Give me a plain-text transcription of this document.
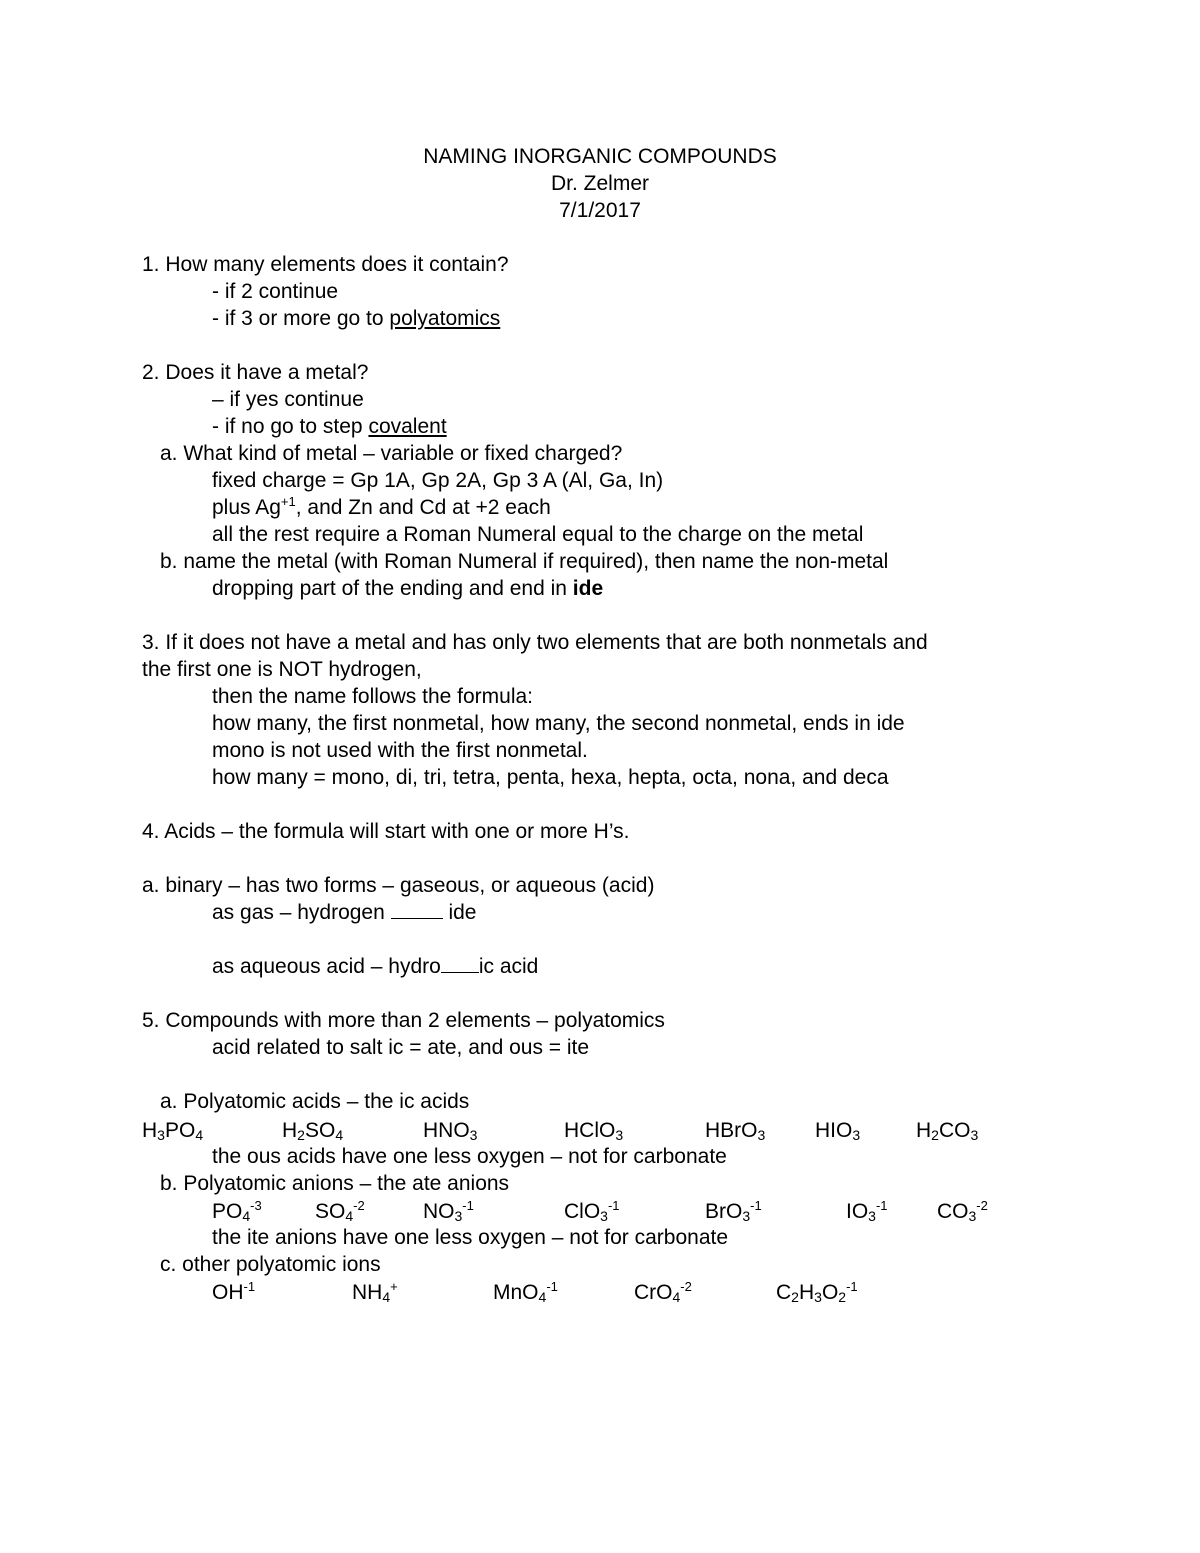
NAMING INORGANIC COMPOUNDS
Dr. Zelmer
7/1/2017
1. How many elements does it contain?
- if 2 continue
- if 3 or more go to polyatomics
2. Does it have a metal?
– if yes continue
- if no go to step covalent
a. What kind of metal – variable or fixed charged?
fixed charge = Gp 1A, Gp 2A, Gp 3 A (Al, Ga, In)
plus $Ag^{+1}$, and Zn and Cd at +2 each
all the rest require a Roman Numeral equal to the charge on the metal
b. name the metal (with Roman Numeral if required), then name the non-metal
dropping part of the ending and end in ide
3. If it does not have a metal and has only two elements that are both nonmetals and
the first one is NOT hydrogen,
then the name follows the formula:
how many, the first nonmetal, how many, the second nonmetal, ends in ide
mono is not used with the first nonmetal.
how many = mono, di, tri, tetra, penta, hexa, hepta, octa, nona, and deca
4. Acids – the formula will start with one or more H’s.
a. binary – has two forms – gaseous, or aqueous (acid)
as gas – hydrogen  ide
as aqueous acid – hydro ic acid
5. Compounds with more than 2 elements – polyatomics
acid related to salt ic = ate, and ous = ite
a. Polyatomic acids – the ic acids
$H_3PO_4$	$H_2SO_4$	$HNO_3$	HClO$_3$	HBrO$_3$ $HIO_3$	$H_2CO_3$
the ous acids have one less oxygen – not for carbonate
b. Polyatomic anions – the ate anions
$PO_4^{-3}$	$SO_4^{-2}$	$NO_3^{-1}$	ClO$_3^{-1}$	BrO$_3^{-1}$	$IO_3^{-1}$ $CO_3^{-2}$
the ite anions have one less oxygen – not for carbonate
c. other polyatomic ions
$OH^{-1}$	$NH_4^+$	MnO$_4^{-1}$	CrO$_4^{-2}$	$C_2H_3O_2^{-1}$
